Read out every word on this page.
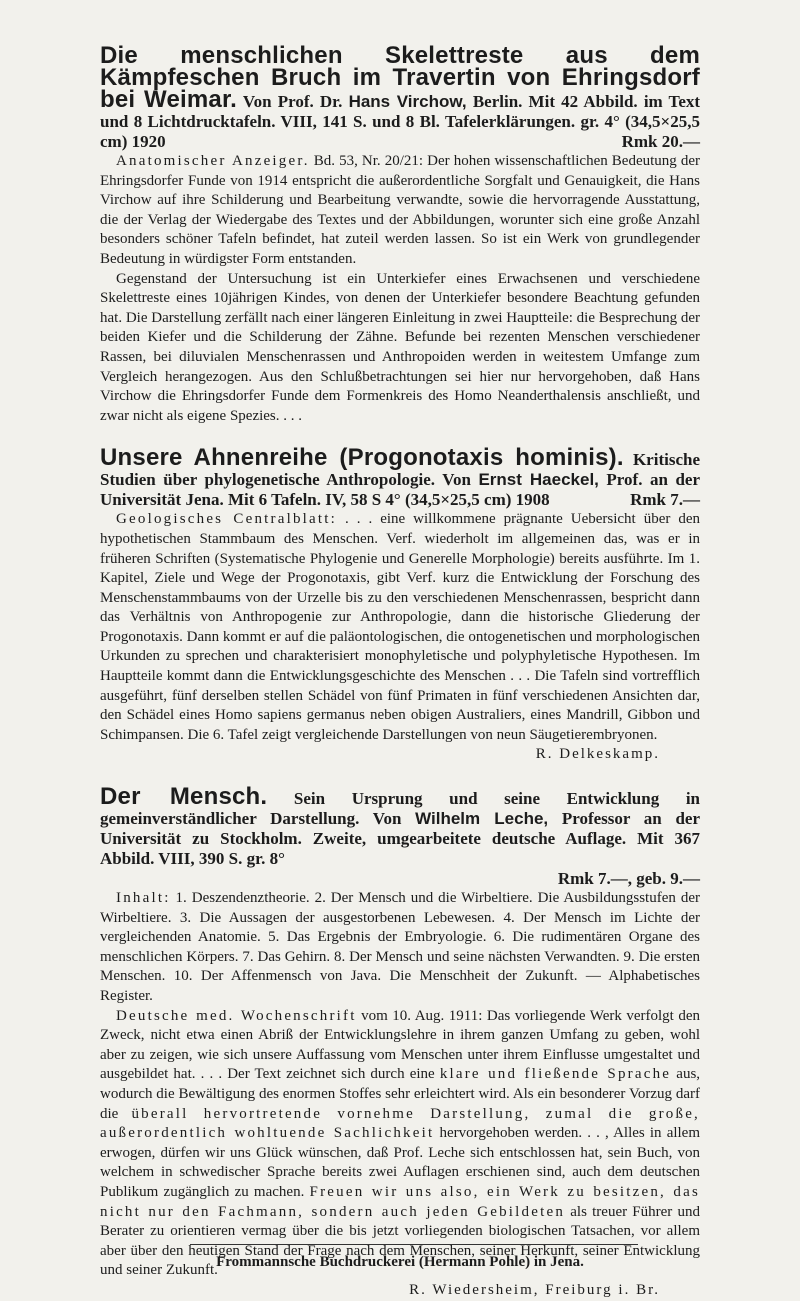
Die menschlichen Skelettreste aus dem Kämpfeschen Bruch im Travertin von Ehringsdorf bei Weimar. Von Prof. Dr. Hans Virchow, Berlin. Mit 42 Abbild. im Text und 8 Lichtdrucktafeln. VIII, 141 S. und 8 Bl. Tafelerklärungen. gr. 4° (34,5×25,5 cm) 1920	Rmk 20.—

Anatomischer Anzeiger. Bd. 53, Nr. 20/21: Der hohen wissenschaftlichen Bedeutung der Ehringsdorfer Funde von 1914 entspricht die außerordentliche Sorgfalt und Genauigkeit, die Hans Virchow auf ihre Schilderung und Bearbeitung verwandte, sowie die hervorragende Ausstattung, die der Verlag der Wiedergabe des Textes und der Abbildungen, worunter sich eine große Anzahl besonders schöner Tafeln befindet, hat zuteil werden lassen. So ist ein Werk von grundlegender Bedeutung in würdigster Form entstanden.

Gegenstand der Untersuchung ist ein Unterkiefer eines Erwachsenen und verschiedene Skelettreste eines 10jährigen Kindes, von denen der Unterkiefer besondere Beachtung gefunden hat. Die Darstellung zerfällt nach einer längeren Einleitung in zwei Hauptteile: die Besprechung der beiden Kiefer und die Schilderung der Zähne. Befunde bei rezenten Menschen verschiedener Rassen, bei diluvialen Menschenrassen und Anthropoiden werden in weitestem Umfange zum Vergleich herangezogen. Aus den Schlußbetrachtungen sei hier nur hervorgehoben, daß Hans Virchow die Ehringsdorfer Funde dem Formenkreis des Homo Neanderthalensis anschließt, und zwar nicht als eigene Spezies. . . .

Unsere Ahnenreihe (Progonotaxis hominis). Kritische Studien über phylogenetische Anthropologie. Von Ernst Haeckel, Prof. an der Universität Jena. Mit 6 Tafeln. IV, 58 S 4° (34,5×25,5 cm) 1908	Rmk 7.—

Geologisches Centralblatt: . . . eine willkommene prägnante Uebersicht über den hypothetischen Stammbaum des Menschen. Verf. wiederholt im allgemeinen das, was er in früheren Schriften (Systematische Phylogenie und Generelle Morphologie) bereits ausführte. Im 1. Kapitel, Ziele und Wege der Progonotaxis, gibt Verf. kurz die Entwicklung der Forschung des Menschenstammbaums von der Urzelle bis zu den verschiedenen Menschenrassen, bespricht dann das Verhältnis von Anthropogenie zur Anthropologie, dann die historische Gliederung der Progonotaxis. Dann kommt er auf die paläontologischen, die ontogenetischen und morphologischen Urkunden zu sprechen und charakterisiert monophyletische und polyphyletische Hypothesen. Im Hauptteile kommt dann die Entwicklungsgeschichte des Menschen . . . Die Tafeln sind vortrefflich ausgeführt, fünf derselben stellen Schädel von fünf Primaten in fünf verschiedenen Ansichten dar, den Schädel eines Homo sapiens germanus neben obigen Australiers, eines Mandrill, Gibbon und Schimpansen. Die 6. Tafel zeigt vergleichende Darstellungen von neun Säugetierembryonen.

R. Delkeskamp.

Der Mensch. Sein Ursprung und seine Entwicklung in gemeinverständlicher Darstellung. Von Wilhelm Leche, Professor an der Universität zu Stockholm. Zweite, umgearbeitete deutsche Auflage. Mit 367 Abbild. VIII, 390 S. gr. 8°

Rmk 7.—, geb. 9.—

Inhalt: 1. Deszendenztheorie. 2. Der Mensch und die Wirbeltiere. Die Ausbildungsstufen der Wirbeltiere. 3. Die Aussagen der ausgestorbenen Lebewesen. 4. Der Mensch im Lichte der vergleichenden Anatomie. 5. Das Ergebnis der Embryologie. 6. Die rudimentären Organe des menschlichen Körpers. 7. Das Gehirn. 8. Der Mensch und seine nächsten Verwandten. 9. Die ersten Menschen. 10. Der Affenmensch von Java. Die Menschheit der Zukunft. — Alphabetisches Register.

Deutsche med. Wochenschrift vom 10. Aug. 1911: Das vorliegende Werk verfolgt den Zweck, nicht etwa einen Abriß der Entwicklungslehre in ihrem ganzen Umfang zu geben, wohl aber zu zeigen, wie sich unsere Auffassung vom Menschen unter ihrem Einflusse umgestaltet und ausgebildet hat. . . . Der Text zeichnet sich durch eine klare und fließende Sprache aus, wodurch die Bewältigung des enormen Stoffes sehr erleichtert wird. Als ein besonderer Vorzug darf die überall hervortretende vornehme Darstellung, zumal die große, außerordentlich wohltuende Sachlichkeit hervorgehoben werden. . . , Alles in allem erwogen, dürfen wir uns Glück wünschen, daß Prof. Leche sich entschlossen hat, sein Buch, von welchem in schwedischer Sprache bereits zwei Auflagen erschienen sind, auch dem deutschen Publikum zugänglich zu machen. Freuen wir uns also, ein Werk zu besitzen, das nicht nur den Fachmann, sondern auch jeden Gebildeten als treuer Führer und Berater zu orientieren vermag über die bis jetzt vorliegenden biologischen Tatsachen, vor allem aber über den heutigen Stand der Frage nach dem Menschen, seiner Herkunft, seiner Entwicklung und seiner Zukunft.

R. Wiedersheim, Freiburg i. Br.

Frommannsche Buchdruckerei (Hermann Pohle) in Jena.
